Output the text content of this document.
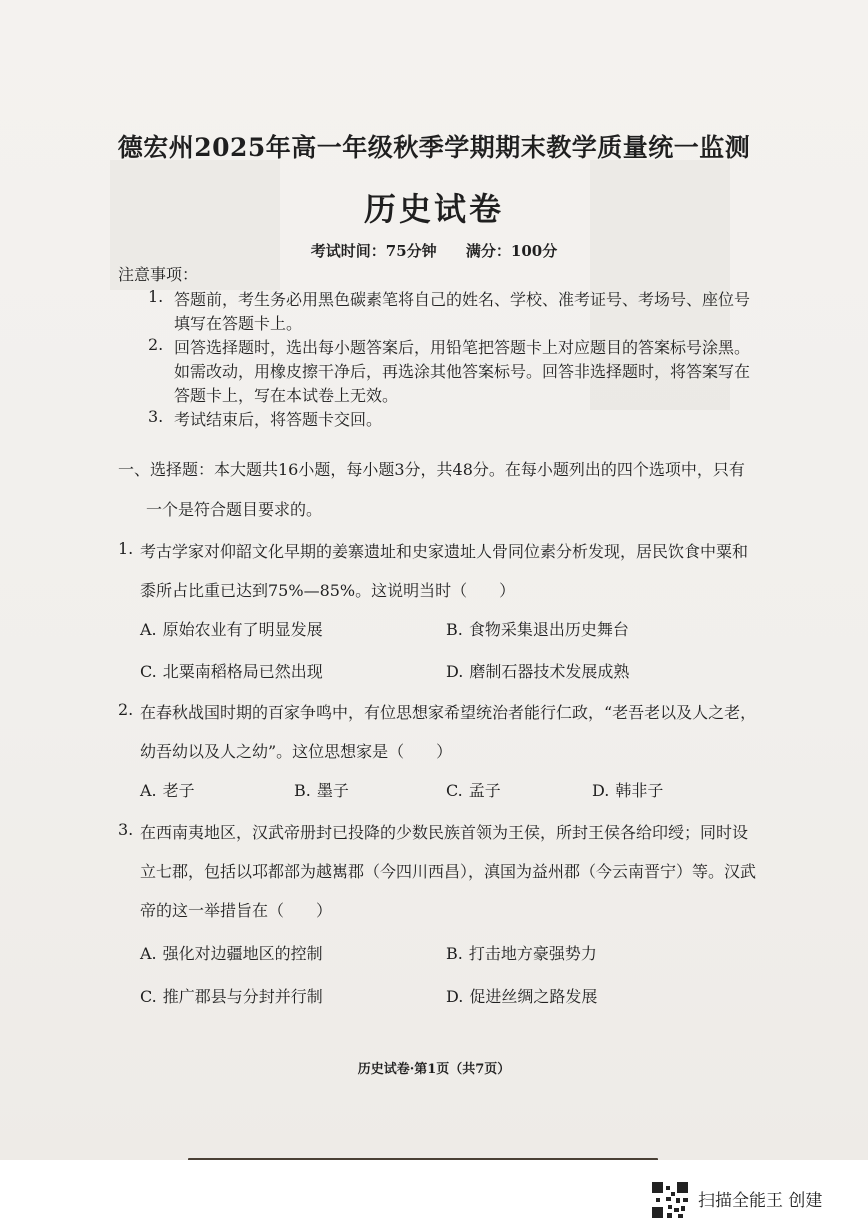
德宏州2025年高一年级秋季学期期末教学质量统一监测
历史试卷
考试时间：75分钟 满分：100分
注意事项：
1. 答题前，考生务必用黑色碳素笔将自己的姓名、学校、准考证号、考场号、座位号
填写在答题卡上。
2. 回答选择题时，选出每小题答案后，用铅笔把答题卡上对应题目的答案标号涂黑。
如需改动，用橡皮擦干净后，再选涂其他答案标号。回答非选择题时，将答案写在
答题卡上，写在本试卷上无效。
3. 考试结束后，将答题卡交回。
一、选择题：本大题共16小题，每小题3分，共48分。在每小题列出的四个选项中，只有
一个是符合题目要求的。
1. 考古学家对仰韶文化早期的姜寨遗址和史家遗址人骨同位素分析发现，居民饮食中粟和
黍所占比重已达到75%—85%。这说明当时（　　）
A. 原始农业有了明显发展	B. 食物采集退出历史舞台
C. 北粟南稻格局已然出现	D. 磨制石器技术发展成熟
2. 在春秋战国时期的百家争鸣中，有位思想家希望统治者能行仁政，“老吾老以及人之老，
幼吾幼以及人之幼”。这位思想家是（　　）
A. 老子	B. 墨子	C. 孟子	D. 韩非子
3. 在西南夷地区，汉武帝册封已投降的少数民族首领为王侯，所封王侯各给印绶；同时设
立七郡，包括以邛都部为越嶲郡（今四川西昌），滇国为益州郡（今云南晋宁）等。汉武
帝的这一举措旨在（　　）
A. 强化对边疆地区的控制	B. 打击地方豪强势力
C. 推广郡县与分封并行制	D. 促进丝绸之路发展
历史试卷·第1页（共7页）
扫描全能王 创建
